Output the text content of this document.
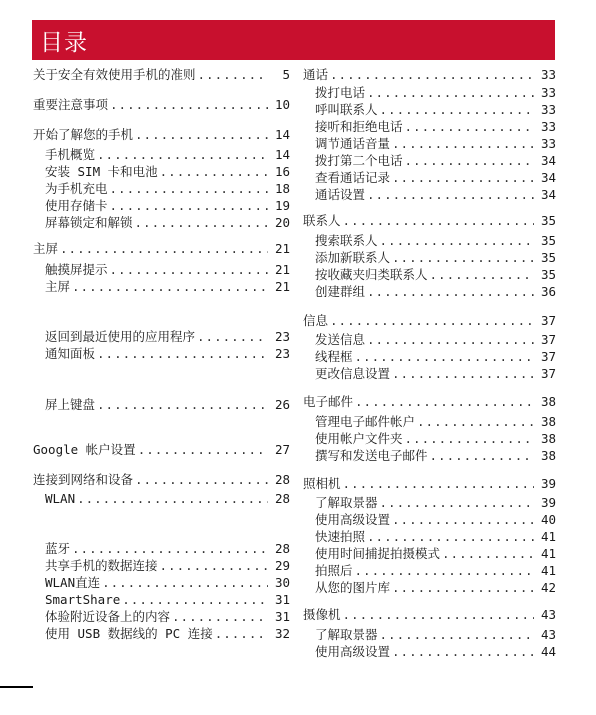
目录
关于安全有效使用手机的准则 .....	5
重要注意事项 .....	10
开始了解您的手机 .....	14
手机概览 .....	14
安装 SIM 卡和电池 .....	16
为手机充电 .....	18
使用存储卡 .....	19
屏幕锁定和解锁 .....	20
主屏 .....	21
触摸屏提示 .....	21
主屏 .....	21
返回到最近使用的应用程序 .....	23
通知面板 .....	23
屏上键盘 .....	26
Google 帐户设置 .....	27
连接到网络和设备 .....	28
WLAN .....	28
蓝牙 .....	28
共享手机的数据连接 .....	29
WLAN直连 .....	30
SmartShare .....	31
体验附近设备上的内容 .....	31
使用 USB 数据线的 PC 连接 .....	32
通话 .....	33
拨打电话 .....	33
呼叫联系人 .....	33
接听和拒绝电话 .....	33
调节通话音量 .....	33
拨打第二个电话 .....	34
查看通话记录 .....	34
通话设置 .....	34
联系人 .....	35
搜索联系人 .....	35
添加新联系人 .....	35
按收藏夹归类联系人 .....	35
创建群组 .....	36
信息 .....	37
发送信息 .....	37
线程框 .....	37
更改信息设置 .....	37
电子邮件 .....	38
管理电子邮件帐户 .....	38
使用帐户文件夹 .....	38
撰写和发送电子邮件 .....	38
照相机 .....	39
了解取景器 .....	39
使用高级设置 .....	40
快速拍照 .....	41
使用时间捕捉拍摄模式 .....	41
拍照后 .....	41
从您的图片库 .....	42
摄像机 .....	43
了解取景器 .....	43
使用高级设置 .....	44
